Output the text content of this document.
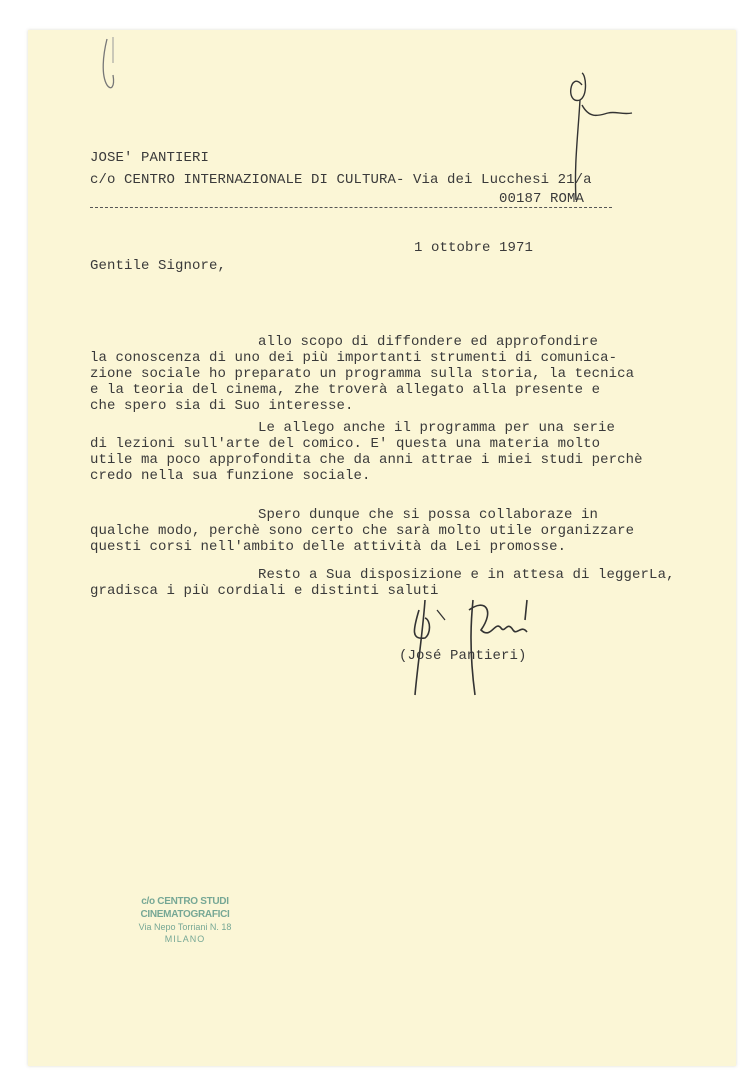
JOSE' PANTIERI
c/o CENTRO INTERNAZIONALE DI CULTURA- Via dei Lucchesi 21/a
00187 ROMA
1 ottobre 1971
Gentile Signore,
allo scopo di diffondere ed approfondire
la conoscenza di uno dei più importanti strumenti di comunica-
zione sociale ho preparato un programma sulla storia, la tecnica
e la teoria del cinema, zhe troverà allegato alla presente e
che spero sia di Suo interesse.
Le allego anche il programma per una serie
di lezioni sull'arte del comico. E' questa una materia molto
utile ma poco approfondita che da anni attrae i miei studi perchè
credo nella sua funzione sociale.
Spero dunque che si possa collaboraze in
qualche modo, perchè sono certo che sarà molto utile organizzare
questi corsi nell'ambito delle attività da Lei promosse.
Resto a Sua disposizione e in attesa di leggerLa,
gradisca i più cordiali e distinti saluti
(José Pantieri)
c/o CENTRO STUDI CINEMATOGRAFICI
Via Nepo Torriani N. 18
MILANO
